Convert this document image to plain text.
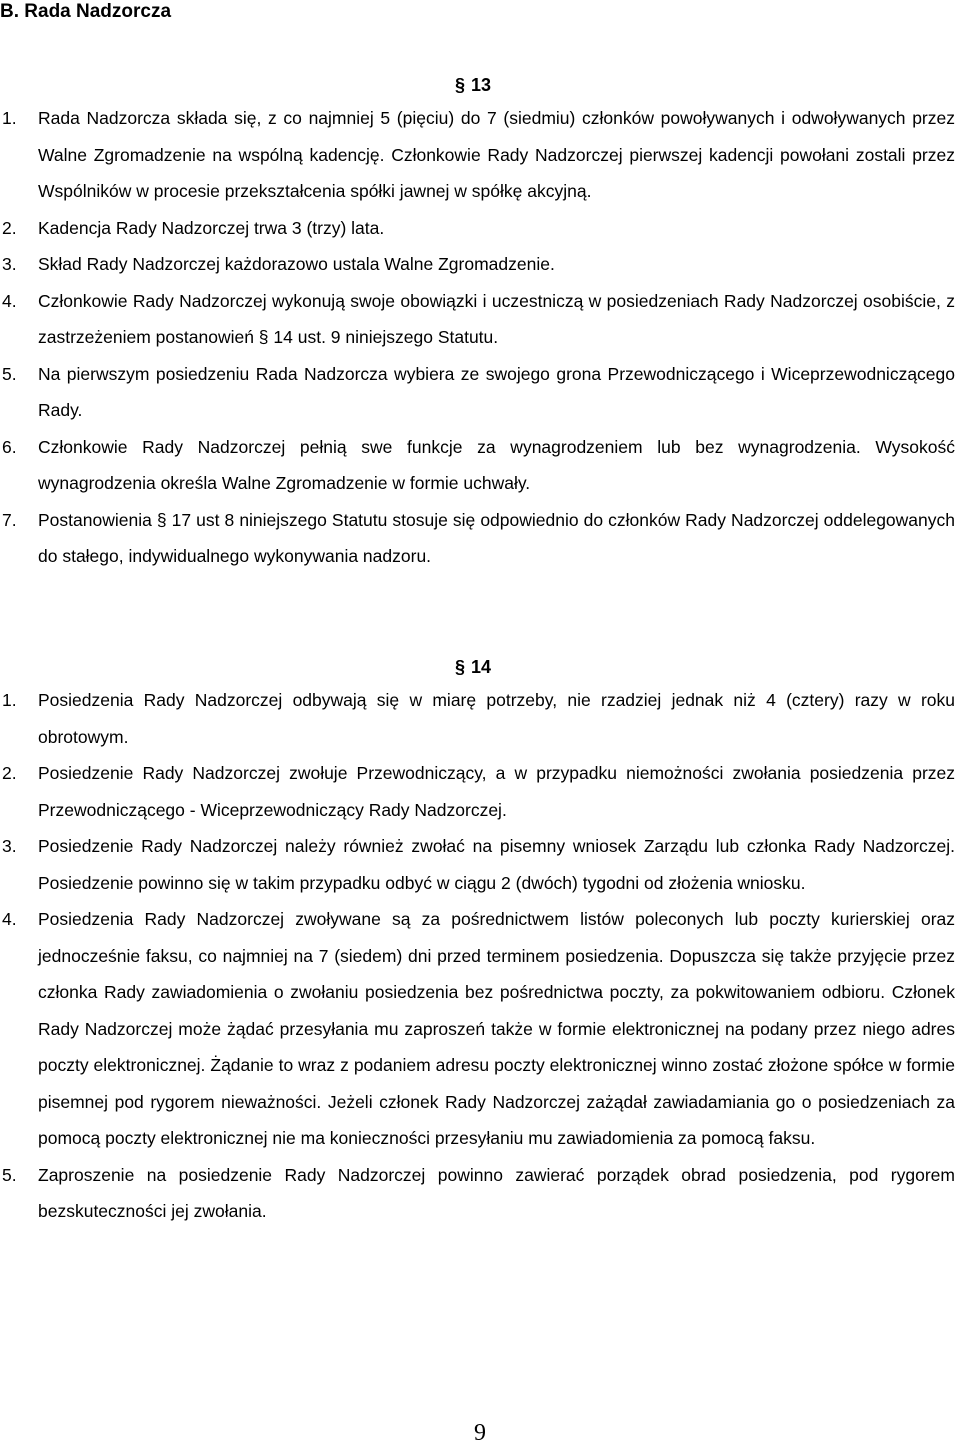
B. Rada Nadzorcza
§ 13
1. Rada Nadzorcza składa się, z co najmniej 5 (pięciu) do 7 (siedmiu) członków powoływanych i odwoływanych przez Walne Zgromadzenie na wspólną kadencję. Członkowie Rady Nadzorczej pierwszej kadencji powołani zostali przez Wspólników w procesie przekształcenia spółki jawnej w spółkę akcyjną.
2. Kadencja Rady Nadzorczej trwa 3 (trzy) lata.
3. Skład Rady Nadzorczej każdorazowo ustala Walne Zgromadzenie.
4. Członkowie Rady Nadzorczej wykonują swoje obowiązki i uczestniczą w posiedzeniach Rady Nadzorczej osobiście, z zastrzeżeniem postanowień § 14 ust. 9 niniejszego Statutu.
5. Na pierwszym posiedzeniu Rada Nadzorcza wybiera ze swojego grona Przewodniczącego i Wiceprzewodniczącego Rady.
6. Członkowie Rady Nadzorczej pełnią swe funkcje za wynagrodzeniem lub bez wynagrodzenia. Wysokość wynagrodzenia określa Walne Zgromadzenie w formie uchwały.
7. Postanowienia § 17 ust 8 niniejszego Statutu stosuje się odpowiednio do członków Rady Nadzorczej oddelegowanych do stałego, indywidualnego wykonywania nadzoru.
§ 14
1. Posiedzenia Rady Nadzorczej odbywają się w miarę potrzeby, nie rzadziej jednak niż 4 (cztery) razy w roku obrotowym.
2. Posiedzenie Rady Nadzorczej zwołuje Przewodniczący, a w przypadku niemożności zwołania posiedzenia przez Przewodniczącego - Wiceprzewodniczący Rady Nadzorczej.
3. Posiedzenie Rady Nadzorczej należy również zwołać na pisemny wniosek Zarządu lub członka Rady Nadzorczej. Posiedzenie powinno się w takim przypadku odbyć w ciągu 2 (dwóch) tygodni od złożenia wniosku.
4. Posiedzenia Rady Nadzorczej zwoływane są za pośrednictwem listów poleconych lub poczty kurierskiej oraz jednocześnie faksu, co najmniej na 7 (siedem) dni przed terminem posiedzenia. Dopuszcza się także przyjęcie przez członka Rady zawiadomienia o zwołaniu posiedzenia bez pośrednictwa poczty, za pokwitowaniem odbioru. Członek Rady Nadzorczej może żądać przesyłania mu zaproszeń także w formie elektronicznej na podany przez niego adres poczty elektronicznej. Żądanie to wraz z podaniem adresu poczty elektronicznej winno zostać złożone spółce w formie pisemnej pod rygorem nieważności. Jeżeli członek Rady Nadzorczej zażądał zawiadamiania go o posiedzeniach za pomocą poczty elektronicznej nie ma konieczności przesyłaniu mu zawiadomienia za pomocą faksu.
5. Zaproszenie na posiedzenie Rady Nadzorczej powinno zawierać porządek obrad posiedzenia, pod rygorem bezskuteczności jej zwołania.
9
